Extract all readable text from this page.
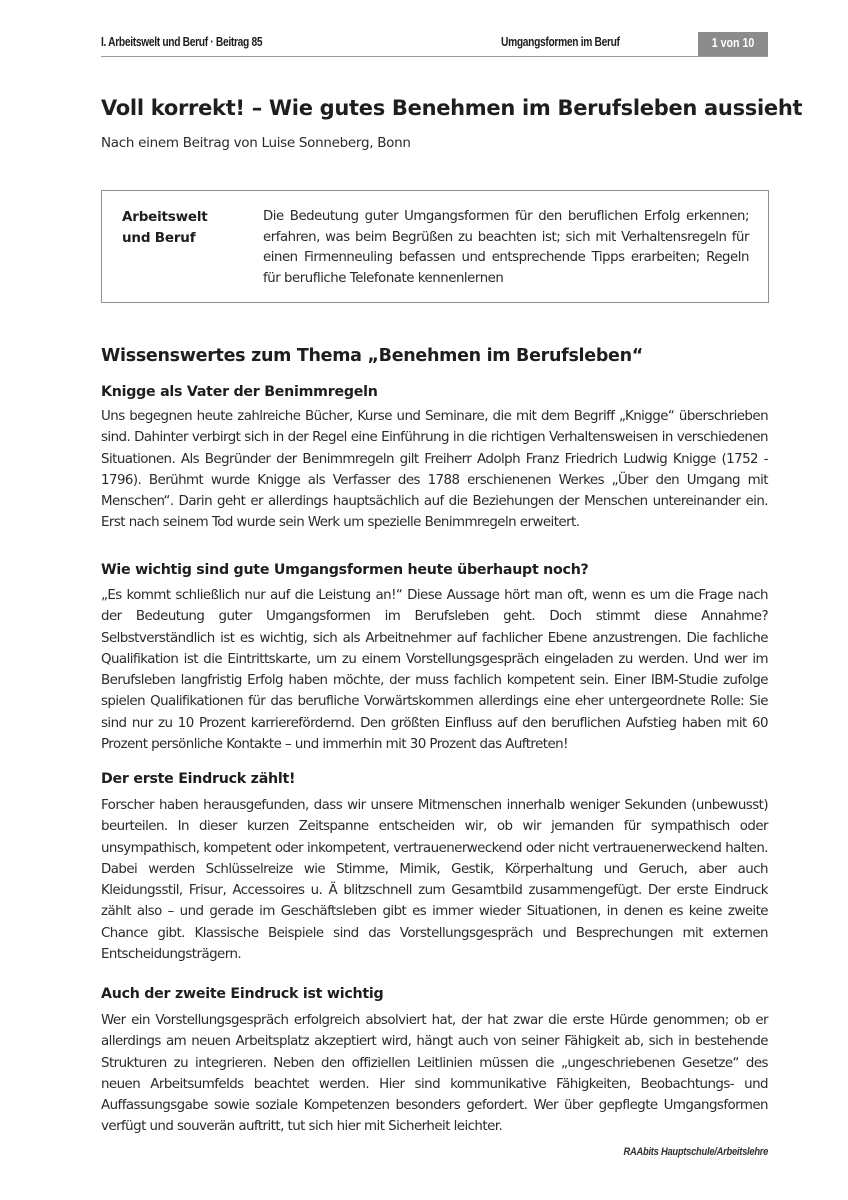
I. Arbeitswelt und Beruf · Beitrag 85	Umgangsformen im Beruf	1 von 10
Voll korrekt! – Wie gutes Benehmen im Berufsleben aussieht
Nach einem Beitrag von Luise Sonneberg, Bonn
Arbeitswelt und Beruf
Die Bedeutung guter Umgangsformen für den beruflichen Erfolg erkennen; erfahren, was beim Begrüßen zu beachten ist; sich mit Verhaltensregeln für einen Firmenneuling befassen und entsprechende Tipps erarbeiten; Regeln für berufliche Telefonate kennenlernen
Wissenswertes zum Thema „Benehmen im Berufsleben“
Knigge als Vater der Benimmregeln

Uns begegnen heute zahlreiche Bücher, Kurse und Seminare, die mit dem Begriff „Knigge“ überschrieben sind. Dahinter verbirgt sich in der Regel eine Einführung in die richtigen Verhaltensweisen in verschiedenen Situationen. Als Begründer der Benimmregeln gilt Freiherr Adolph Franz Friedrich Ludwig Knigge (1752 - 1796). Berühmt wurde Knigge als Verfasser des 1788 erschienenen Werkes „Über den Umgang mit Menschen“. Darin geht er allerdings hauptsächlich auf die Beziehungen der Menschen untereinander ein. Erst nach seinem Tod wurde sein Werk um spezielle Benimmregeln erweitert.

Wie wichtig sind gute Umgangsformen heute überhaupt noch?

„Es kommt schließlich nur auf die Leistung an!“ Diese Aussage hört man oft, wenn es um die Frage nach der Bedeutung guter Umgangsformen im Berufsleben geht. Doch stimmt diese Annahme? Selbstverständlich ist es wichtig, sich als Arbeitnehmer auf fachlicher Ebene anzustrengen. Die fachliche Qualifikation ist die Eintrittskarte, um zu einem Vorstellungsgespräch eingeladen zu werden. Und wer im Berufsleben langfristig Erfolg haben möchte, der muss fachlich kompetent sein. Einer IBM-Studie zufolge spielen Qualifikationen für das berufliche Vorwärtskommen allerdings eine eher untergeordnete Rolle: Sie sind nur zu 10 Prozent karrierefördernd. Den größten Einfluss auf den beruflichen Aufstieg haben mit 60 Prozent persönliche Kontakte – und immerhin mit 30 Prozent das Auftreten!

Der erste Eindruck zählt!

Forscher haben herausgefunden, dass wir unsere Mitmenschen innerhalb weniger Sekunden (unbewusst) beurteilen. In dieser kurzen Zeitspanne entscheiden wir, ob wir jemanden für sympathisch oder unsympathisch, kompetent oder inkompetent, vertrauenerweckend oder nicht vertrauenerweckend halten. Dabei werden Schlüsselreize wie Stimme, Mimik, Gestik, Körperhaltung und Geruch, aber auch Kleidungsstil, Frisur, Accessoires u. Ä blitzschnell zum Gesamtbild zusammengefügt. Der erste Eindruck zählt also – und gerade im Geschäftsleben gibt es immer wieder Situationen, in denen es keine zweite Chance gibt. Klassische Beispiele sind das Vorstellungsgespräch und Besprechungen mit externen Entscheidungsträgern.

Auch der zweite Eindruck ist wichtig

Wer ein Vorstellungsgespräch erfolgreich absolviert hat, der hat zwar die erste Hürde genommen; ob er allerdings am neuen Arbeitsplatz akzeptiert wird, hängt auch von seiner Fähigkeit ab, sich in bestehende Strukturen zu integrieren. Neben den offiziellen Leitlinien müssen die „ungeschriebenen Gesetze“ des neuen Arbeitsumfelds beachtet werden. Hier sind kommunikative Fähigkeiten, Beobachtungs- und Auffassungsgabe sowie soziale Kompetenzen besonders gefordert. Wer über gepflegte Umgangsformen verfügt und souverän auftritt, tut sich hier mit Sicherheit leichter.

RAAbits Hauptschule/Arbeitslehre
